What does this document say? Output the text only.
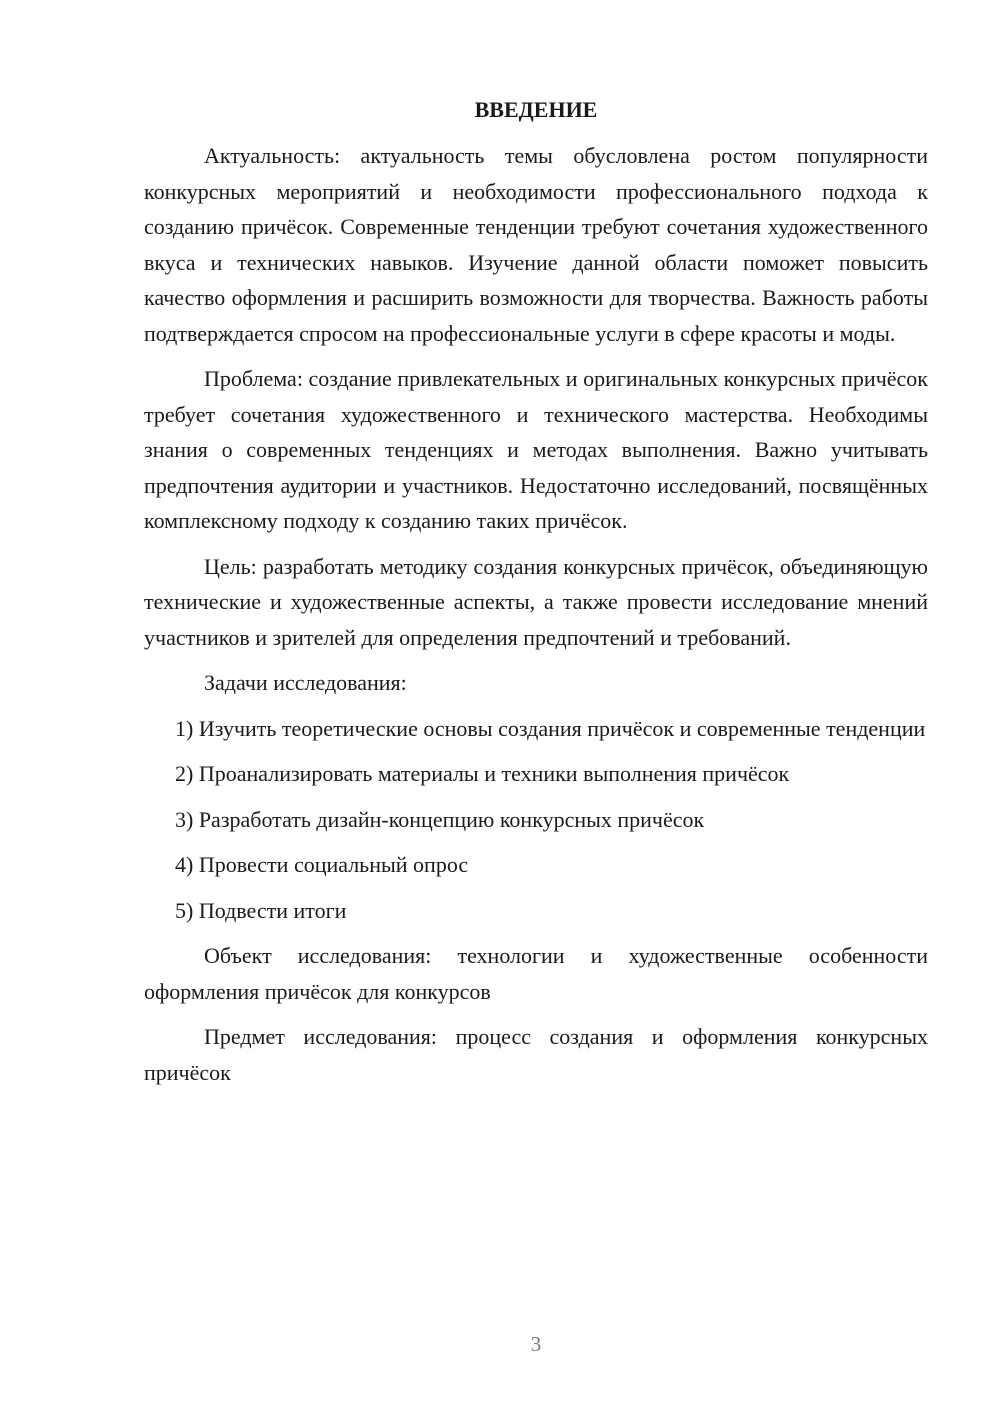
ВВЕДЕНИЕ

Актуальность: актуальность темы обусловлена ростом популярности конкурсных мероприятий и необходимости профессионального подхода к созданию причёсок. Современные тенденции требуют сочетания художественного вкуса и технических навыков. Изучение данной области поможет повысить качество оформления и расширить возможности для творчества. Важность работы подтверждается спросом на профессиональные услуги в сфере красоты и моды.

Проблема: создание привлекательных и оригинальных конкурсных причёсок требует сочетания художественного и технического мастерства. Необходимы знания о современных тенденциях и методах выполнения. Важно учитывать предпочтения аудитории и участников. Недостаточно исследований, посвящённых комплексному подходу к созданию таких причёсок.

Цель: разработать методику создания конкурсных причёсок, объединяющую технические и художественные аспекты, а также провести исследование мнений участников и зрителей для определения предпочтений и требований.

Задачи исследования:

1) Изучить теоретические основы создания причёсок и современные тенденции

2) Проанализировать материалы и техники выполнения причёсок

3) Разработать дизайн-концепцию конкурсных причёсок

4) Провести социальный опрос

5) Подвести итоги

Объект исследования: технологии и художественные особенности оформления причёсок для конкурсов

Предмет исследования: процесс создания и оформления конкурсных причёсок

3
